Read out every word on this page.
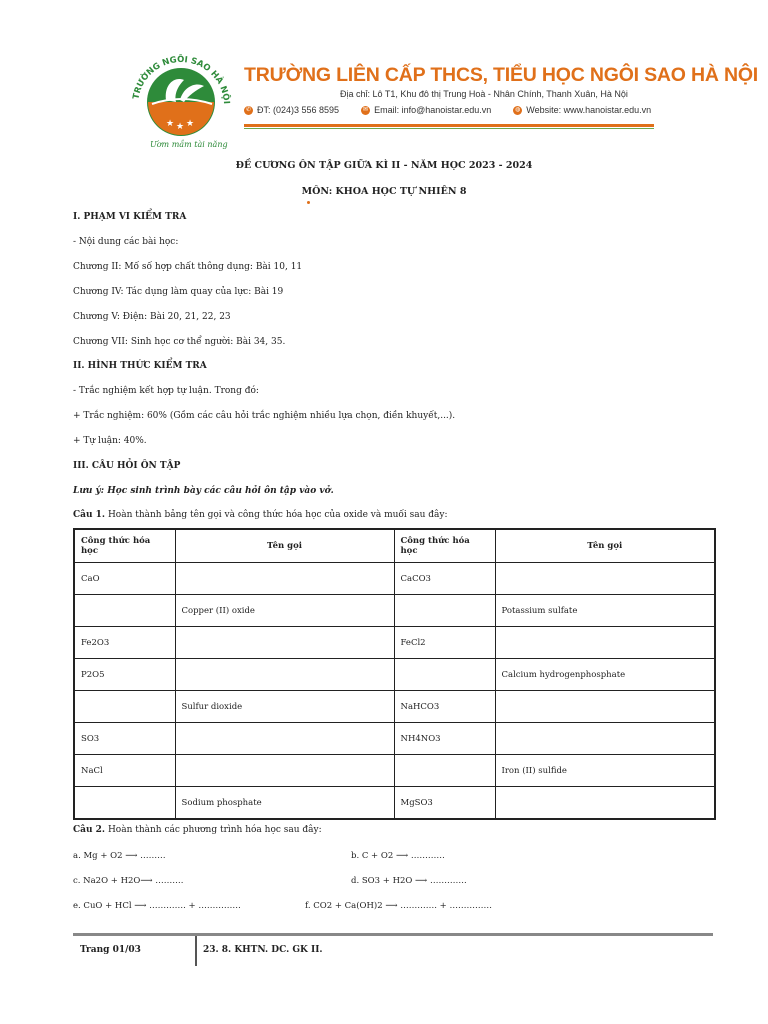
★ ★ ★
TRƯỜNG NGÔI SAO HÀ NỘI
Ươm mầm tài năng
TRƯỜNG LIÊN CẤP THCS, TIỂU HỌC NGÔI SAO HÀ NỘI
Địa chỉ: Lô T1, Khu đô thị Trung Hoà - Nhân Chính, Thanh Xuân, Hà Nội
✆ ĐT: (024)3 556 8595	✉ Email: info@hanoistar.edu.vn	◍ Website: www.hanoistar.edu.vn
ĐỀ CƯƠNG ÔN TẬP GIỮA KÌ II - NĂM HỌC 2023 - 2024
MÔN: KHOA HỌC TỰ NHIÊN 8
I. PHẠM VI KIỂM TRA
- Nội dung các bài học:
Chương II: Mố số hợp chất thông dụng: Bài 10, 11
Chương IV: Tác dụng làm quay của lực: Bài 19
Chương V: Điện: Bài 20, 21, 22, 23
Chương VII: Sinh học cơ thể người: Bài 34, 35.
II. HÌNH THỨC KIỂM TRA
- Trắc nghiệm kết hợp tự luận. Trong đó:
+ Trắc nghiệm: 60% (Gồm các câu hỏi trắc nghiệm nhiều lựa chọn, điền khuyết,...).
+ Tự luận: 40%.
III. CÂU HỎI ÔN TẬP
Lưu ý: Học sinh trình bày các câu hỏi ôn tập vào vở.
Câu 1. Hoàn thành bảng tên gọi và công thức hóa học của oxide và muối sau đây:
Công thức hóa học	Tên gọi	Công thức hóa học	Tên gọi
CaO		CaCO3	
	Copper (II) oxide		Potassium sulfate
Fe2O3		FeCl2	
P2O5			Calcium hydrogenphosphate
	Sulfur dioxide	NaHCO3	
SO3		NH4NO3	
NaCl			Iron (II) sulfide
	Sodium phosphate	MgSO3	
Câu 2. Hoàn thành các phương trình hóa học sau đây:
a. Mg + O2 ⟶ ………	b. C + O2 ⟶ …………
c. Na2O + H2O⟶ ……….	d. SO3 + H2O ⟶ ………….
e. CuO + HCl ⟶ …………. + ……………	f. CO2 + Ca(OH)2 ⟶ …………. + ……………
Trang 01/03	23. 8. KHTN. DC. GK II.
